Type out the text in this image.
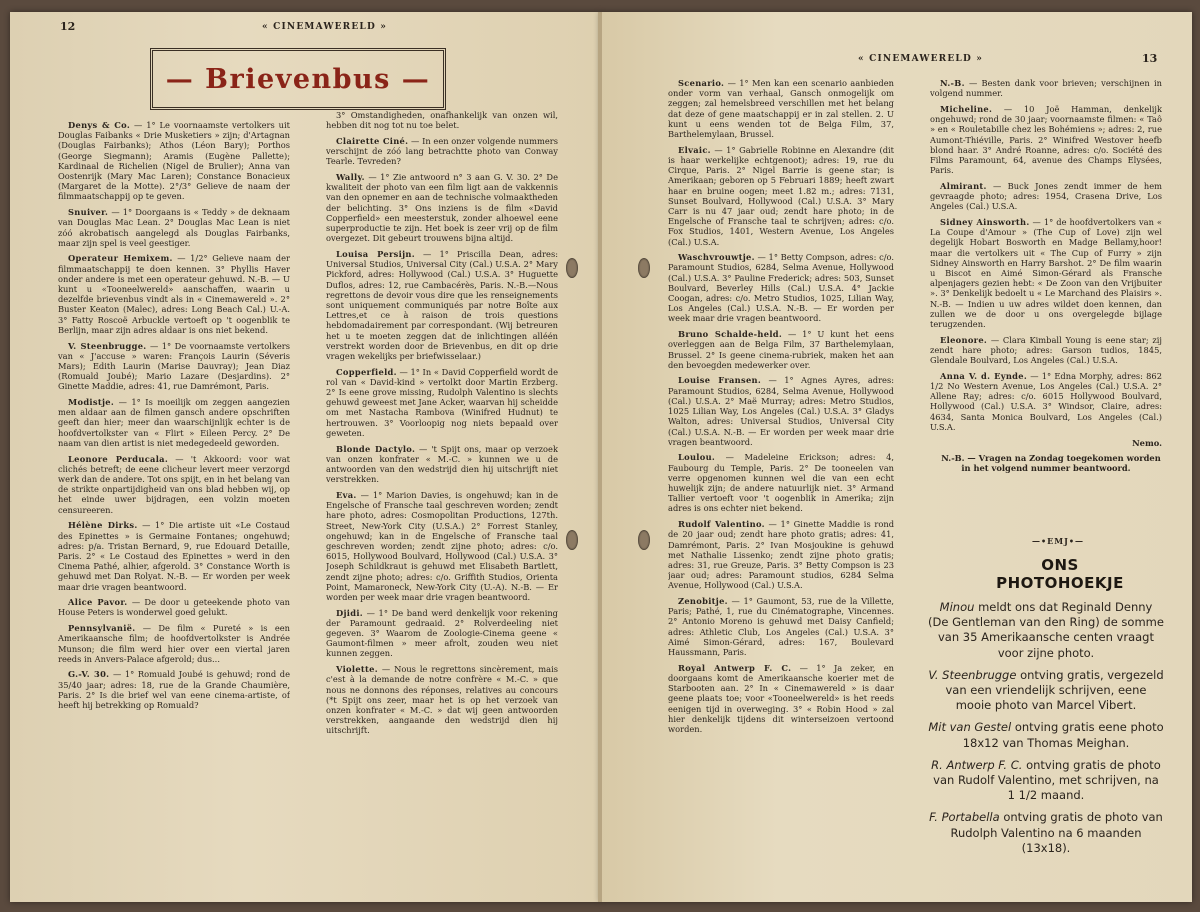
12	« CINEMAWERELD »
« CINEMAWERELD »	13
— Brievenbus —

Denys & Co. — 1° Le voornaamste vertolkers uit Douglas Faibanks « Drie Musketiers » zijn; d'Artagnan (Douglas Fairbanks); Athos (Léon Bary); Porthos (George Siegmann); Aramis (Eugène Pallette); Kardinaal de Richelien (Nigel de Brulier); Anna van Oostenrijk (Mary Mac Laren); Constance Bonacieux (Margaret de la Motte). 2°/3° Gelieve de naam der filmmaatschappij op te geven.

Snuiver. — 1° Doorgaans is « Teddy » de deknaam van Douglas Mac Lean. 2° Douglas Mac Lean is niet zóó akrobatisch aangelegd als Douglas Fairbanks, maar zijn spel is veel geestiger.

Operateur Hemixem. — 1/2° Gelieve naam der filmmaatschappij te doen kennen. 3° Phyllis Haver onder andere is met een operateur gehuwd. N.-B. — U kunt u «Tooneelwereld» aanschaffen, waarin u dezelfde brievenbus vindt als in « Cinemawereld ». 2° Buster Keaton (Malec), adres: Long Beach Cal.) U.-A. 3° Fatty Roscoë Arbuckle vertoeft op 't oogenblik te Berlijn, maar zijn adres aldaar is ons niet bekend.

V. Steenbrugge. — 1° De voornaamste vertolkers van « J'accuse » waren: François Laurin (Séveris Mars); Edith Laurin (Marise Dauvray); Jean Diaz (Romuald Joubé); Mario Lazare (Desjardins). 2° Ginette Maddie, adres: 41, rue Damrémont, Paris.

Modistje. — 1° Is moeilijk om zeggen aangezien men aldaar aan de filmen gansch andere opschriften geeft dan hier; meer dan waarschijnlijk echter is de hoofdvertolkster van « Flirt » Eileen Percy. 2° De naam van dien artist is niet medegedeeld geworden.

Leonore Perducala. — 't Akkoord: voor wat clichés betreft; de eene clicheur levert meer verzorgd werk dan de andere. Tot ons spijt, en in het belang van de strikte onpartijdigheid van ons blad hebben wij, op het einde uwer bijdragen, een volzin moeten censureeren.

Hélène Dirks. — 1° Die artiste uit «Le Costaud des Epinettes » is Germaine Fontanes; ongehuwd; adres: p/a. Tristan Bernard, 9, rue Edouard Detaille, Paris. 2° « Le Costaud des Epinettes » werd in den Cinema Pathé, alhier, afgerold. 3° Constance Worth is gehuwd met Dan Rolyat. N.-B. — Er worden per week maar drie vragen beantwoord.

Alice Pavor. — De door u geteekende photo van House Peters is wonderwel goed gelukt.

Pennsylvanië. — De film « Pureté » is een Amerikaansche film; de hoofdvertolkster is Andrée Munson; die film werd hier over een viertal jaren reeds in Anvers-Palace afgerold; dus...

G.-V. 30. — 1° Romuald Joubé is gehuwd; rond de 35/40 jaar; adres: 18, rue de la Grande Chaumière, Paris. 2° Is die brief wel van eene cinema-artiste, of heeft hij betrekking op Romuald?

3° Omstandigheden, onafhankelijk van onzen wil, hebben dit nog tot nu toe belet.

Clairette Ciné. — In een onzer volgende nummers verschijnt de zóó lang betrachtte photo van Conway Tearle. Tevreden?

Wally. — 1° Zie antwoord n° 3 aan G. V. 30. 2° De kwaliteit der photo van een film ligt aan de vakkennis van den opnemer en aan de technische volmaaktheden der belichting. 3° Ons inziens is de film «David Copperfield» een meesterstuk, zonder alhoewel eene superproductie te zijn. Het boek is zeer vrij op de film overgezet. Dit gebeurt trouwens bijna altijd.

Louisa Persijn. — 1° Priscilla Dean, adres: Universal Studios, Universal City (Cal.) U.S.A. 2° Mary Pickford, adres: Hollywood (Cal.) U.S.A. 3° Huguette Duflos, adres: 12, rue Cambacérès, Paris. N.-B.—Nous regrettons de devoir vous dire que les renseignements sont uniquement communiqués par notre Boîte aux Lettres,et ce à raison de trois questions hebdomadairement par correspondant. (Wij betreuren het u te moeten zeggen dat de inlichtingen alléén verstrekt worden door de Brievenbus, en dit op drie vragen wekelijks per briefwisselaar.)

Copperfield. — 1° In « David Copperfield wordt de rol van « David-kind » vertolkt door Martin Erzberg. 2° Is eene grove missing, Rudolph Valentino is slechts gehuwd geweest met Jane Acker, waarvan hij scheidde om met Nastacha Rambova (Winifred Hudnut) te hertrouwen. 3° Voorloopig nog niets bepaald over geweten.

Blonde Dactylo. — 't Spijt ons, maar op verzoek van onzen konfrater « M.-C. » kunnen we u de antwoorden van den wedstrijd dien hij uitschrijft niet verstrekken.

Eva. — 1° Marion Davies, is ongehuwd; kan in de Engelsche of Fransche taal geschreven worden; zendt hare photo, adres: Cosmopolitan Productions, 127th. Street, New-York City (U.S.A.) 2° Forrest Stanley, ongehuwd; kan in de Engelsche of Fransche taal geschreven worden; zendt zijne photo; adres: c/o. 6015, Hollywood Boulvard, Hollywood (Cal.) U.S.A. 3° Joseph Schildkraut is gehuwd met Elisabeth Bartlett, zendt zijne photo; adres: c/o. Griffith Studios, Orienta Point, Mamaroneck, New-York City (U.-A). N.-B. — Er worden per week maar drie vragen beantwoord.

Djidi. — 1° De band werd denkelijk voor rekening der Paramount gedraaid. 2° Rolverdeeling niet gegeven. 3° Waarom de Zoologie-Cinema geene « Gaumont-filmen » meer afrolt, zouden weu niet kunnen zeggen.

Violette. — Nous le regrettons sincèrement, mais c'est à la demande de notre confrère « M.-C. » que nous ne donnons des réponses, relatives au concours (*t Spijt ons zeer, maar het is op het verzoek van onzen konfrater « M.-C. » dat wij geen antwoorden verstrekken, aangaande den wedstrijd dien hij uitschrijft.

Scenario. — 1° Men kan een scenario aanbieden onder vorm van verhaal, Gansch onmogelijk om zeggen; zal hemelsbreed verschillen met het belang dat deze of gene maatschappij er in zal stellen. 2. U kunt u eens wenden tot de Belga Film, 37, Barthelemylaan, Brussel.

Elvaic. — 1° Gabrielle Robinne en Alexandre (dit is haar werkelijke echtgenoot); adres: 19, rue du Cirque, Paris. 2° Nigel Barrie is geene star; is Amerikaan; geboren op 5 Februari 1889; heeft zwart haar en bruine oogen; meet 1.82 m.; adres: 7131, Sunset Boulvard, Hollywood (Cal.) U.S.A. 3° Mary Carr is nu 47 jaar oud; zendt hare photo; in de Engelsche of Fransche taal te schrijven; adres: c/o. Fox Studios, 1401, Western Avenue, Los Angeles (Cal.) U.S.A.

Waschvrouwtje. — 1° Betty Compson, adres: c/o. Paramount Studios, 6284, Selma Avenue, Hollywood (Cal.) U.S.A. 3° Pauline Frederick; adres: 503, Sunset Boulvard, Beverley Hills (Cal.) U.S.A. 4° Jackie Coogan, adres: c/o. Metro Studios, 1025, Lilian Way, Los Angeles (Cal.) U.S.A. N.-B. — Er worden per week maar drie vragen beantwoord.

Bruno Schalde-held. — 1° U kunt het eens overleggen aan de Belga Film, 37 Barthelemylaan, Brussel. 2° Is geene cinema-rubriek, maken het aan den bevoegden medewerker over.

Louise Fransen. — 1° Agnes Ayres, adres: Paramount Studios, 6284, Selma Avenue, Hollywood (Cal.) U.S.A. 2° Maë Murray; adres: Metro Studios, 1025 Lilian Way, Los Angeles (Cal.) U.S.A. 3° Gladys Walton, adres: Universal Studios, Universal City (Cal.) U.S.A. N.-B. — Er worden per week maar drie vragen beantwoord.

Loulou. — Madeleine Erickson; adres: 4, Faubourg du Temple, Paris. 2° De tooneelen van verre opgenomen kunnen wel die van een echt huwelijk zijn; de andere natuurlijk niet. 3° Armand Tallier vertoeft voor 't oogenblik in Amerika; zijn adres is ons echter niet bekend.

Rudolf Valentino. — 1° Ginette Maddie is rond de 20 jaar oud; zendt hare photo gratis; adres: 41, Damrémont, Paris. 2° Ivan Mosjoukine is gehuwd met Nathalie Lissenko; zendt zijne photo gratis; adres: 31, rue Greuze, Paris. 3° Betty Compson is 23 jaar oud; adres: Paramount studios, 6284 Selma Avenue, Hollywood (Cal.) U.S.A.

Zenobitje. — 1° Gaumont, 53, rue de la Villette, Paris; Pathé, 1, rue du Cinématographe, Vincennes. 2° Antonio Moreno is gehuwd met Daisy Canfield; adres: Athletic Club, Los Angeles (Cal.) U.S.A. 3° Aimé Simon-Gérard, adres: 167, Boulevard Haussmann, Paris.

Royal Antwerp F. C. — 1° Ja zeker, en doorgaans komt de Amerikaansche koerier met de Starbooten aan. 2° In « Cinemawereld » is daar geene plaats toe; voor «Tooneelwereld» is het reeds eenigen tijd in overweging. 3° « Robin Hood » zal hier denkelijk tijdens dit winterseizoen vertoond worden.

N.-B. — Besten dank voor brieven; verschijnen in volgend nummer.

Micheline. — 10 Joë Hamman, denkelijk ongehuwd; rond de 30 jaar; voornaamste filmen: « Taô » en « Rouletabille chez les Bohémiens »; adres: 2, rue Aumont-Thiéville, Paris. 2° Winifred Westover heefb blond haar. 3° André Roanne, adres: c/o. Société des Films Paramount, 64, avenue des Champs Elysées, Paris.

Almirant. — Buck Jones zendt immer de hem gevraagde photo; adres: 1954, Crasena Drive, Los Angeles (Cal.) U.S.A.

Sidney Ainsworth. — 1° de hoofdvertolkers van « La Coupe d'Amour » (The Cup of Love) zijn wel degelijk Hobart Bosworth en Madge Bellamy,hoor! maar die vertolkers uit « The Cup of Furry » zijn Sidney Ainsworth en Harry Barshot. 2° De film waarin u Biscot en Aimé Simon-Gérard als Fransche alpenjagers gezien hebt: « De Zoon van den Vrijbuiter ». 3° Denkelijk bedoelt u « Le Marchand des Plaisirs ». N.-B. — Indien u uw adres wildet doen kennen, dan zullen we de door u ons overgelegde bijlage terugzenden.

Eleonore. — Clara Kimball Young is eene star; zij zendt hare photo; adres: Garson tudios, 1845, Glendale Boulvard, Los Angeles (Cal.) U.S.A.

Anna V. d. Eynde. — 1° Edna Morphy, adres: 862 1/2 No Western Avenue, Los Angeles (Cal.) U.S.A. 2° Allene Ray; adres: c/o. 6015 Hollywood Boulvard, Hollywood (Cal.) U.S.A. 3° Windsor, Claire, adres: 4634, Santa Monica Boulvard, Los Angeles (Cal.) U.S.A.

Nemo.

N.-B. — Vragen na Zondag toegekomen worden in het volgend nummer beantwoord.

—•EMJ•—
ONS PHOTOHOEKJE

Minou meldt ons dat Reginald Denny (De Gentleman van den Ring) de somme van 35 Amerikaansche centen vraagt voor zijne photo.

V. Steenbrugge ontving gratis, vergezeld van een vriendelijk schrijven, eene mooie photo van Marcel Vibert.

Mit van Gestel ontving gratis eene photo 18x12 van Thomas Meighan.

R. Antwerp F. C. ontving gratis de photo van Rudolf Valentino, met schrijven, na 1 1/2 maand.

F. Portabella ontving gratis de photo van Rudolph Valentino na 6 maanden (13x18).
